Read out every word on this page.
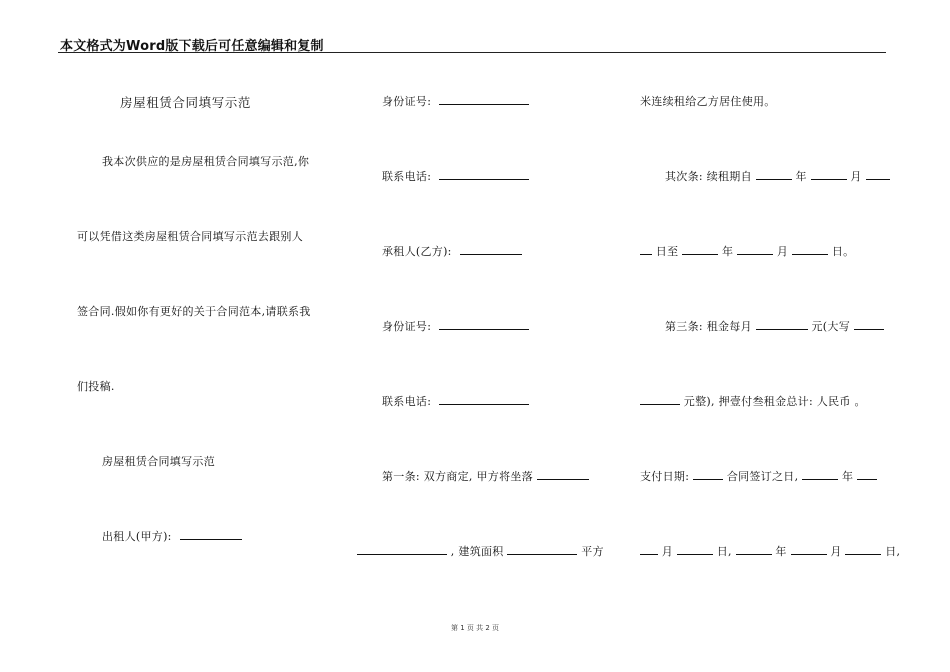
本文格式为Word版下载后可任意编辑和复制
房屋租赁合同填写示范
我本次供应的是房屋租赁合同填写示范,你
可以凭借这类房屋租赁合同填写示范去跟别人
签合同.假如你有更好的关于合同范本,请联系我
们投稿.
房屋租赁合同填写示范
出租人(甲方):
身份证号:
联系电话:
承租人(乙方):
身份证号:
联系电话:
第一条: 双方商定, 甲方将坐落
, 建筑面积	平方
米连续租给乙方居住使用。
其次条: 续租期自	年	月
日至	年	月	日。
第三条: 租金每月	元(大写
元整), 押壹付叁租金总计: 人民币 。
支付日期:	合同签订之日,	年
月	日,	年	月	日,
第 1 页 共 2 页
